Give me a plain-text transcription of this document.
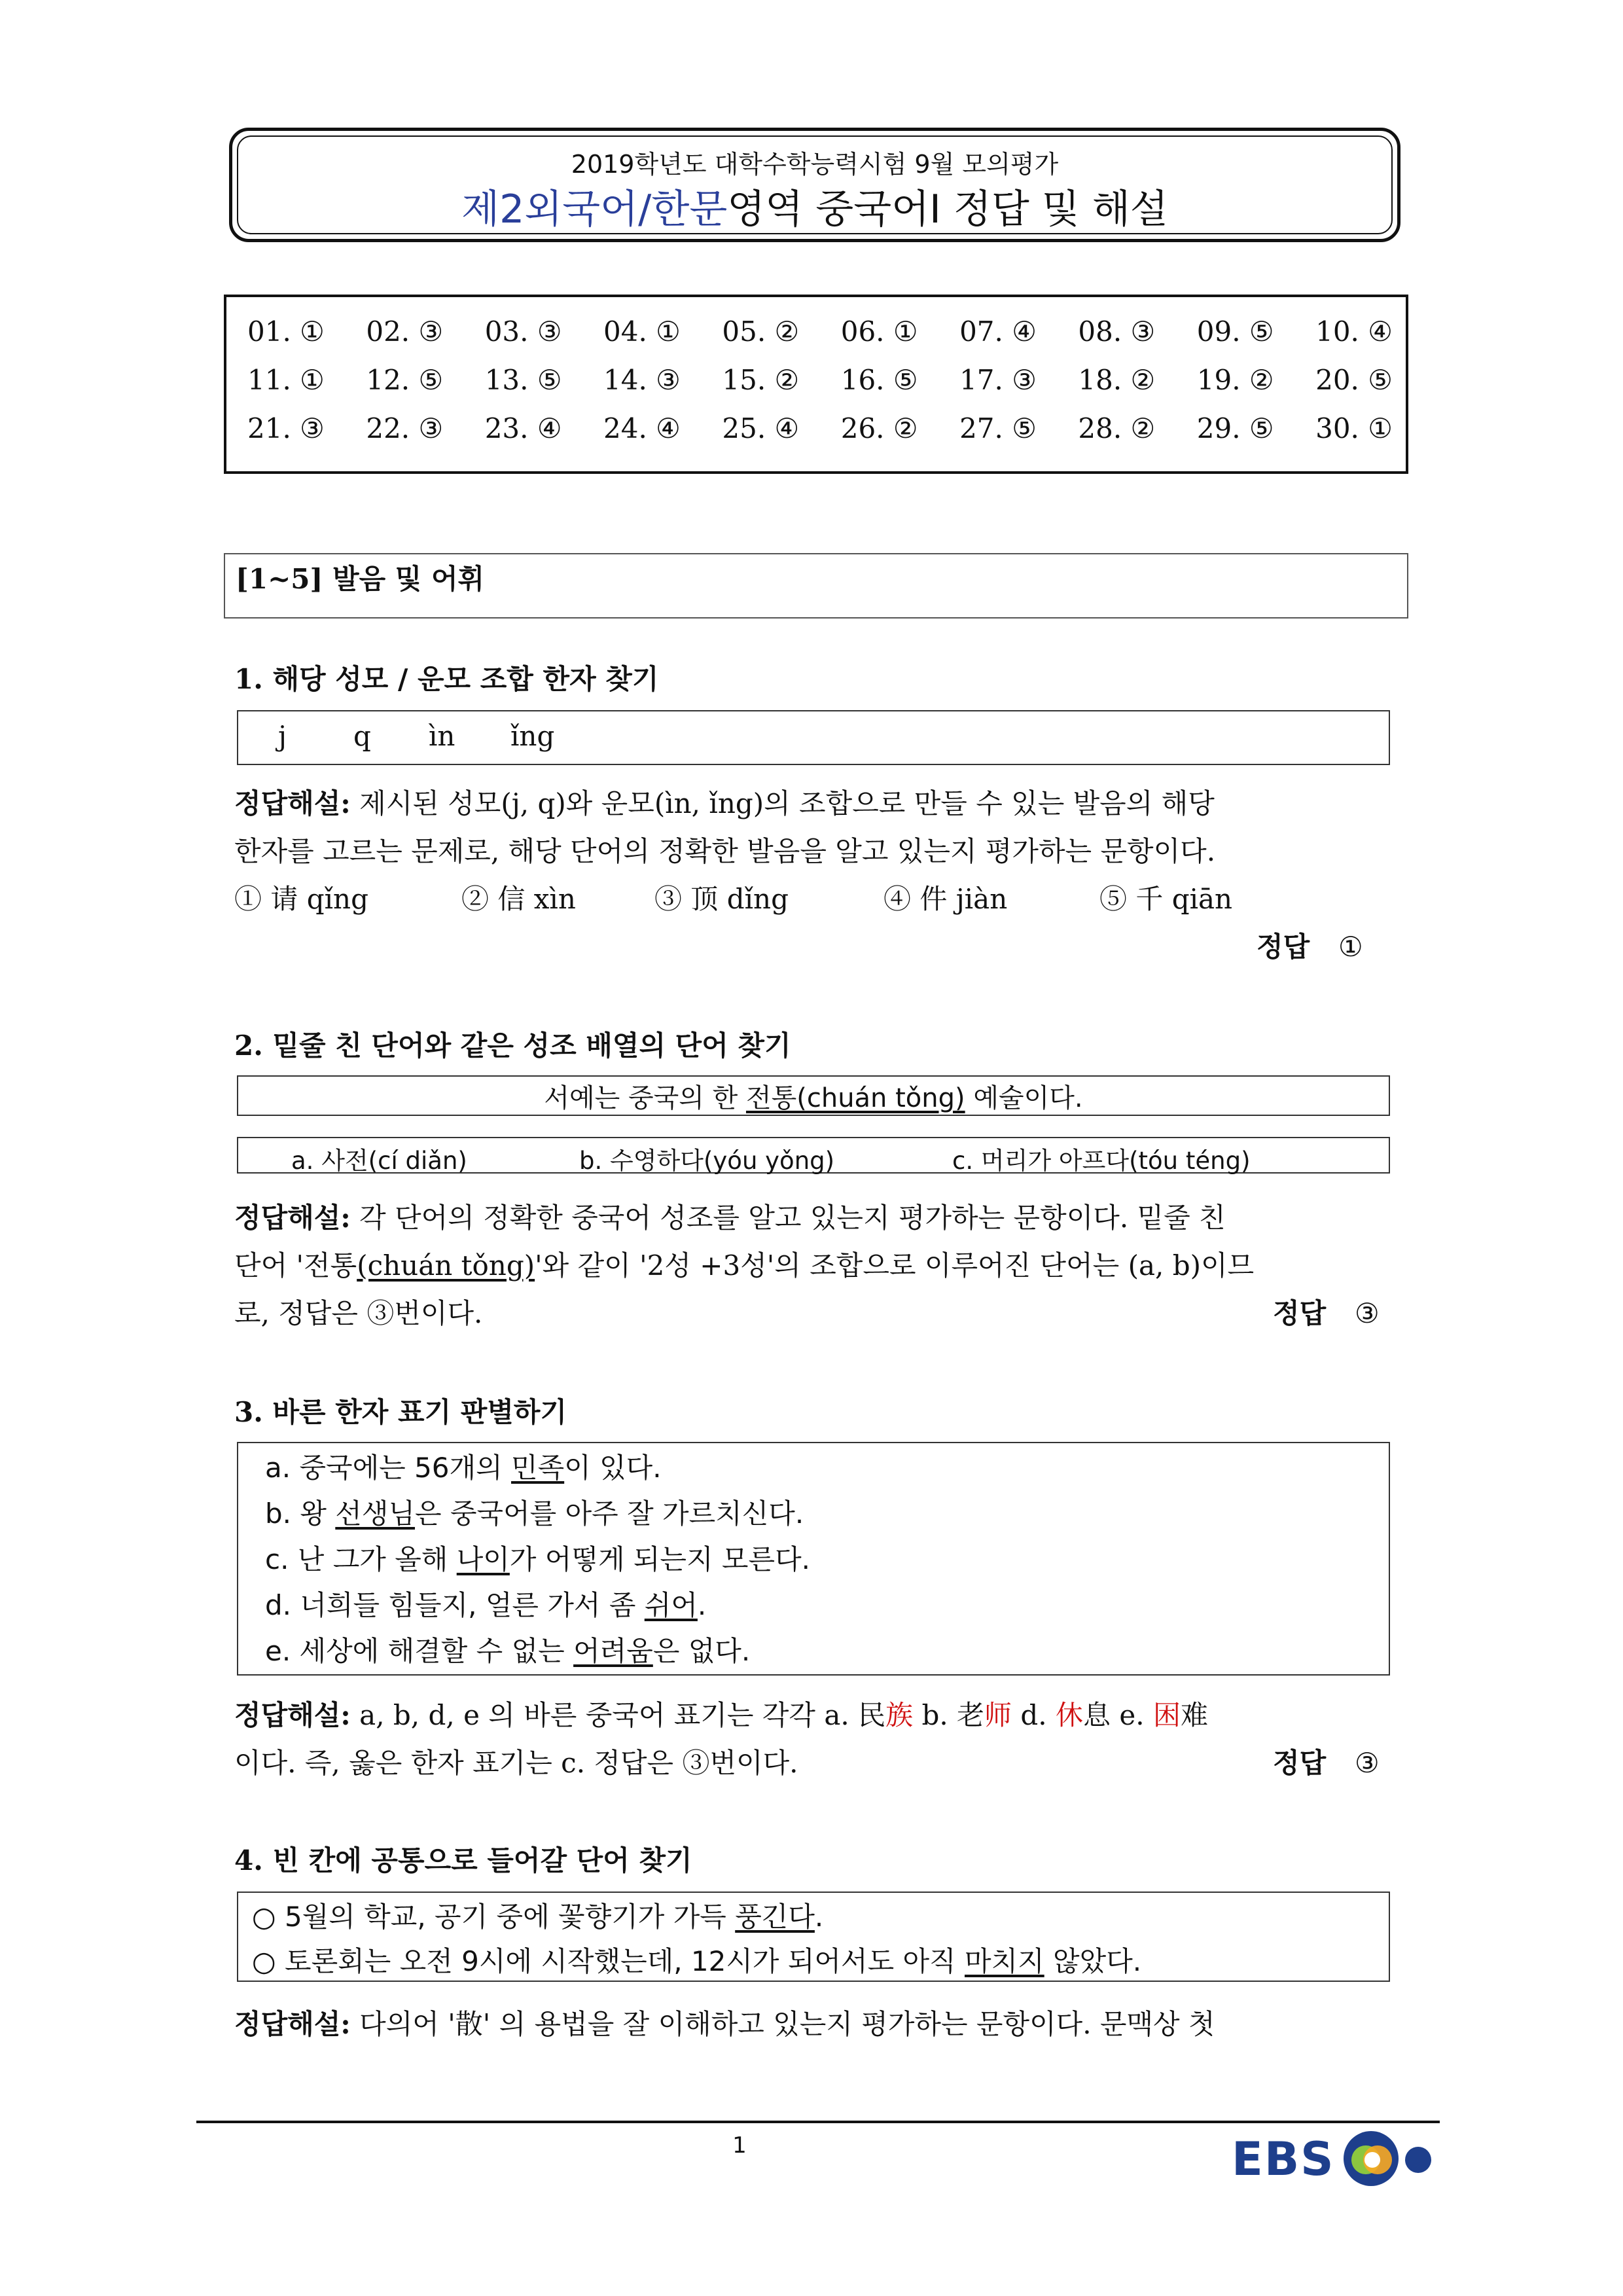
2019학년도 대학수학능력시험 9월 모의평가
제2외국어/한문영역 중국어Ⅰ 정답 및 해설
01. ① 02. ③ 03. ③ 04. ① 05. ② 06. ① 07. ④ 08. ③ 09. ⑤ 10. ④
11. ① 12. ⑤ 13. ⑤ 14. ③ 15. ② 16. ⑤ 17. ③ 18. ② 19. ② 20. ⑤
21. ③ 22. ③ 23. ④ 24. ④ 25. ④ 26. ② 27. ⑤ 28. ② 29. ⑤ 30. ①
[1~5] 발음 및 어휘
1. 해당 성모 / 운모 조합 한자 찾기
j q ìn ǐng
정답해설: 제시된 성모(j, q)와 운모(ìn, ǐng)의 조합으로 만들 수 있는 발음의 해당
한자를 고르는 문제로, 해당 단어의 정확한 발음을 알고 있는지 평가하는 문항이다.
① 请 qǐng	② 信 xìn	③ 顶 dǐng	④ 件 jiàn	⑤ 千 qiān
정답 ①
2. 밑줄 친 단어와 같은 성조 배열의 단어 찾기
서예는 중국의 한 전통(chuán tǒng) 예술이다.
a. 사전(cí diǎn)	b. 수영하다(yóu yǒng)	c. 머리가 아프다(tóu téng)
정답해설: 각 단어의 정확한 중국어 성조를 알고 있는지 평가하는 문항이다. 밑줄 친
단어 '전통(chuán tǒng)'와 같이 '2성 +3성'의 조합으로 이루어진 단어는 (a, b)이므
로, 정답은 ③번이다.	정답 ③
3. 바른 한자 표기 판별하기
a. 중국에는 56개의 민족이 있다.
b. 왕 선생님은 중국어를 아주 잘 가르치신다.
c. 난 그가 올해 나이가 어떻게 되는지 모른다.
d. 너희들 힘들지, 얼른 가서 좀 쉬어.
e. 세상에 해결할 수 없는 어려움은 없다.
정답해설: a, b, d, e 의 바른 중국어 표기는 각각 a. 民族 b. 老师 d. 休息 e. 困难
이다. 즉, 옳은 한자 표기는 c. 정답은 ③번이다.	정답 ③
4. 빈 칸에 공통으로 들어갈 단어 찾기
○ 5월의 학교, 공기 중에 꽃향기가 가득 풍긴다.
○ 토론회는 오전 9시에 시작했는데, 12시가 되어서도 아직 마치지 않았다.
정답해설: 다의어 '散' 의 용법을 잘 이해하고 있는지 평가하는 문항이다. 문맥상 첫
1	EBS
